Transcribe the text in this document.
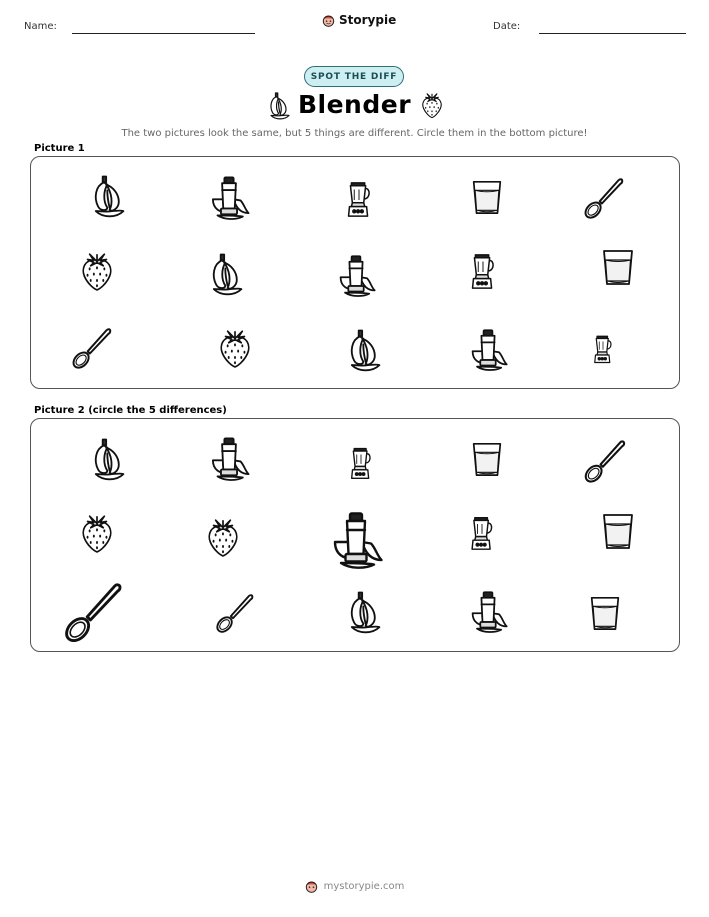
Name:	Storypie	Date:
SPOT THE DIFF
Blender
The two pictures look the same, but 5 things are different. Circle them in the bottom picture!
Picture 1
Picture 2 (circle the 5 differences)
mystorypie.com
